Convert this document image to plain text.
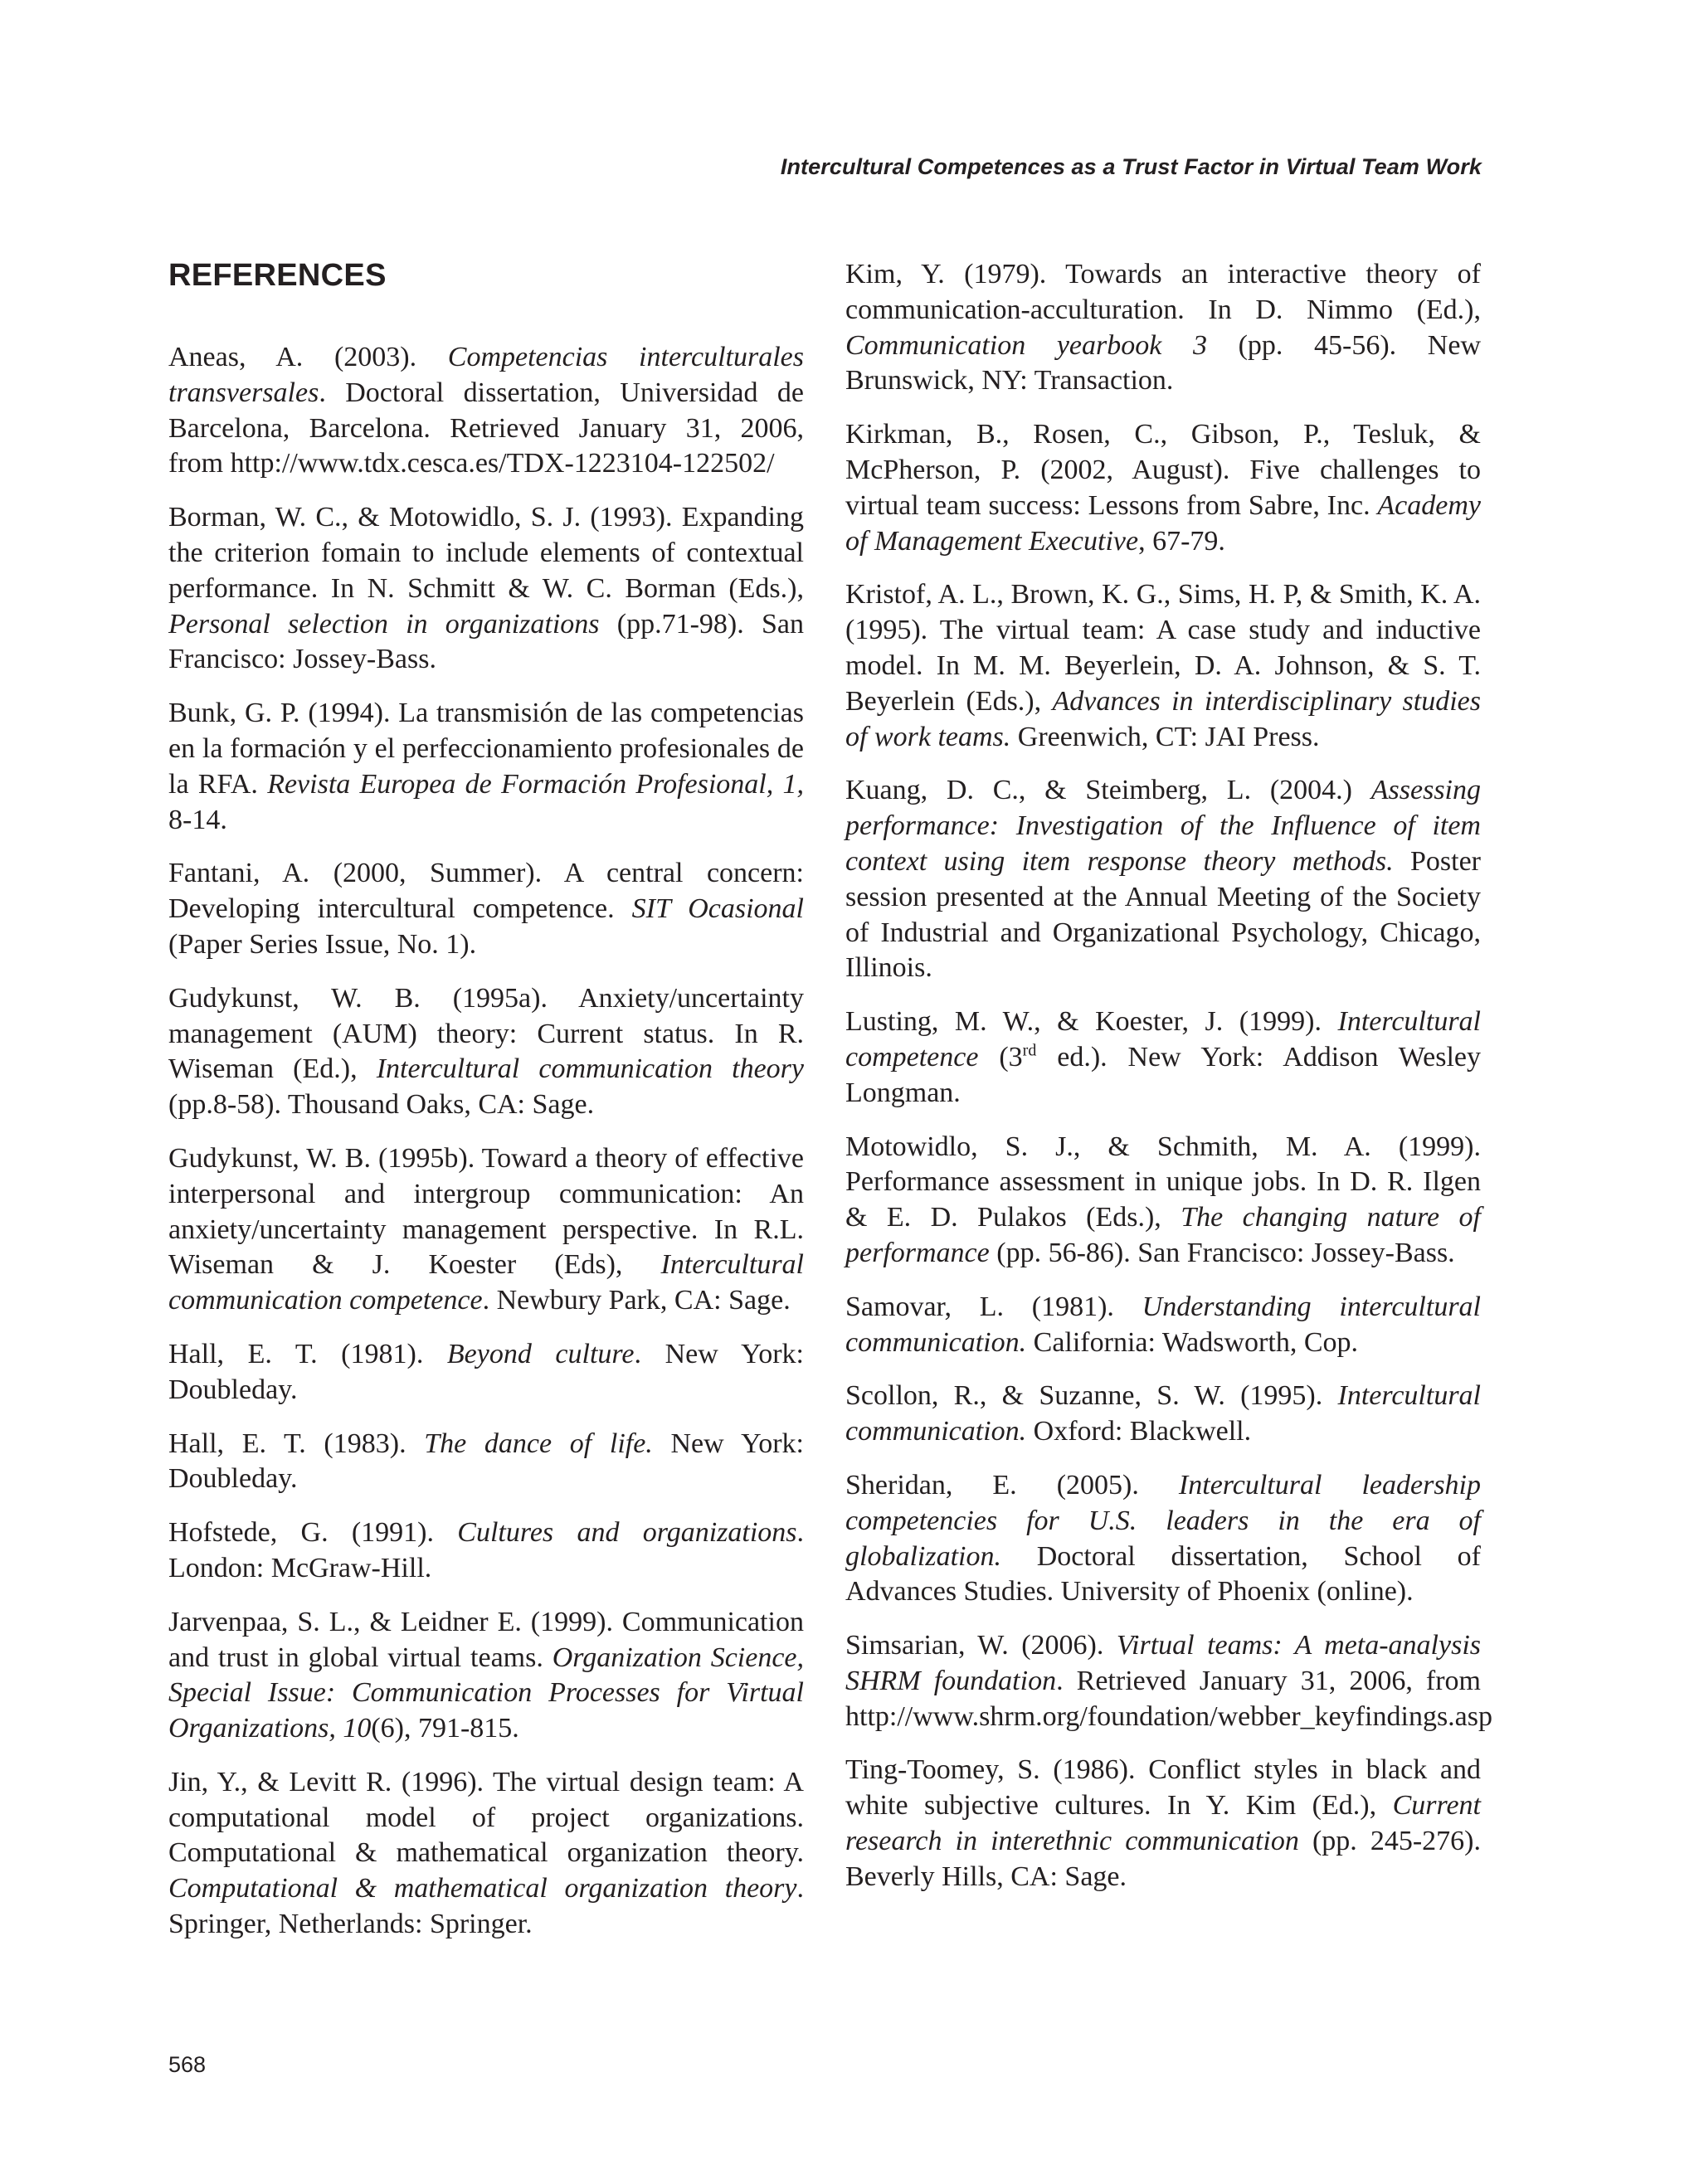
Intercultural Competences as a Trust Factor in Virtual Team Work
REFERENCES

Aneas, A. (2003). Competencias interculturales transversales. Doctoral dissertation, Universidad de Barcelona, Barcelona. Retrieved January 31, 2006, from http://www.tdx.cesca.es/TDX-1223104-122502/

Borman, W. C., & Motowidlo, S. J. (1993). Expanding the criterion fomain to include elements of contextual performance. In N. Schmitt & W. C. Borman (Eds.), Personal selection in organizations (pp.71-98). San Francisco: Jossey-Bass.

Bunk, G. P. (1994). La transmisión de las competencias en la formación y el perfeccionamiento profesionales de la RFA. Revista Europea de Formación Profesional, 1, 8-14.

Fantani, A. (2000, Summer). A central concern: Developing intercultural competence. SIT Ocasional (Paper Series Issue, No. 1).

Gudykunst, W. B. (1995a). Anxiety/uncertainty management (AUM) theory: Current status. In R. Wiseman (Ed.), Intercultural communication theory (pp.8-58). Thousand Oaks, CA: Sage.

Gudykunst, W. B. (1995b). Toward a theory of effective interpersonal and intergroup communication: An anxiety/uncertainty management perspective. In R.L. Wiseman & J. Koester (Eds), Intercultural communication competence. Newbury Park, CA: Sage.

Hall, E. T. (1981). Beyond culture. New York: Doubleday.

Hall, E. T. (1983). The dance of life. New York: Doubleday.

Hofstede, G. (1991). Cultures and organizations. London: McGraw-Hill.

Jarvenpaa, S. L., & Leidner E. (1999). Communication and trust in global virtual teams. Organization Science, Special Issue: Communication Processes for Virtual Organizations, 10(6), 791-815.

Jin, Y., & Levitt R. (1996). The virtual design team: A computational model of project organizations. Computational & mathematical organization theory. Computational & mathematical organization theory. Springer, Netherlands: Springer.

Kim, Y. (1979). Towards an interactive theory of communication-acculturation. In D. Nimmo (Ed.), Communication yearbook 3 (pp. 45-56). New Brunswick, NY: Transaction.

Kirkman, B., Rosen, C., Gibson, P., Tesluk, & McPherson, P. (2002, August). Five challenges to virtual team success: Lessons from Sabre, Inc. Academy of Management Executive, 67-79.

Kristof, A. L., Brown, K. G., Sims, H. P, & Smith, K. A. (1995). The virtual team: A case study and inductive model. In M. M. Beyerlein, D. A. Johnson, & S. T. Beyerlein (Eds.), Advances in interdisciplinary studies of work teams. Greenwich, CT: JAI Press.

Kuang, D. C., & Steimberg, L. (2004.) Assessing performance: Investigation of the Influence of item context using item response theory methods. Poster session presented at the Annual Meeting of the Society of Industrial and Organizational Psychology, Chicago, Illinois.

Lusting, M. W., & Koester, J. (1999). Intercultural competence (3rd ed.). New York: Addison Wesley Longman.

Motowidlo, S. J., & Schmith, M. A. (1999). Performance assessment in unique jobs. In D. R. Ilgen & E. D. Pulakos (Eds.), The changing nature of performance (pp. 56-86). San Francisco: Jossey-Bass.

Samovar, L. (1981). Understanding intercultural communication. California: Wadsworth, Cop.

Scollon, R., & Suzanne, S. W. (1995). Intercultural communication. Oxford: Blackwell.

Sheridan, E. (2005). Intercultural leadership competencies for U.S. leaders in the era of globalization. Doctoral dissertation, School of Advances Studies. University of Phoenix (online).

Simsarian, W. (2006). Virtual teams: A meta-analysis SHRM foundation. Retrieved January 31, 2006, from http://www.shrm.org/foundation/webber_keyfindings.asp

Ting-Toomey, S. (1986). Conflict styles in black and white subjective cultures. In Y. Kim (Ed.), Current research in interethnic communication (pp. 245-276). Beverly Hills, CA: Sage.

568
